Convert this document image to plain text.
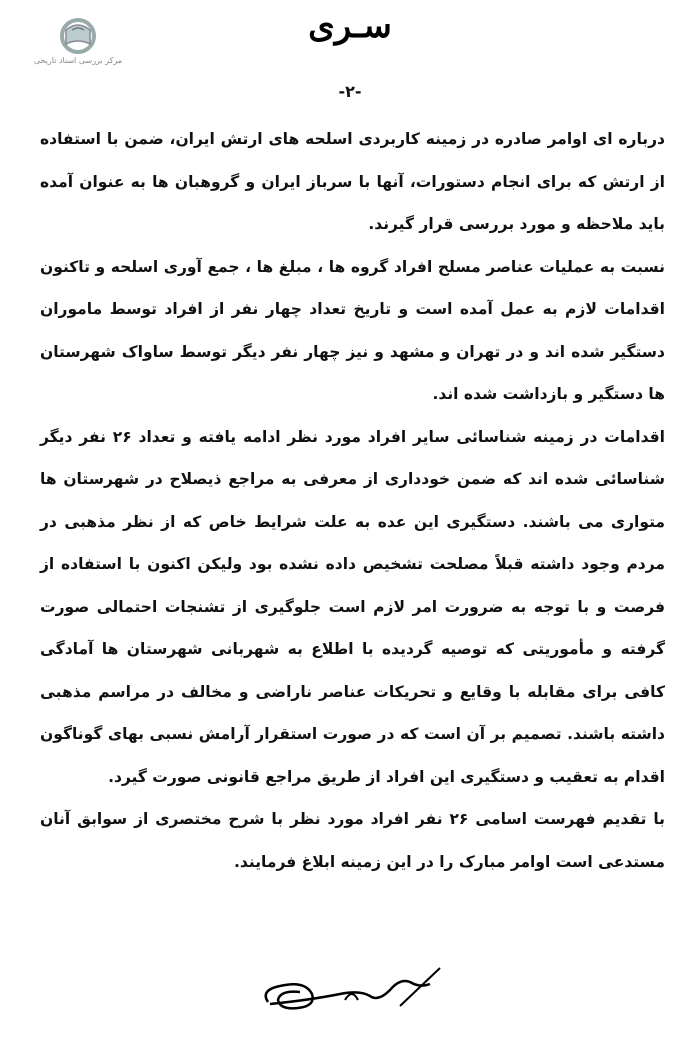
سـری
مرکز بررسی اسناد تاریخی
-۲-

درباره ای اوامر صادره در زمینه کاربردی اسلحه های ارتش ایران، ضمن با استفاده از ارتش که برای انجام دستورات، آنها با سرباز ایران و گروهبان ها به عنوان آمده باید ملاحظه و مورد بررسی قرار گیرند.

نسبت به عملیات عناصر مسلح افراد گروه ها ، مبلغ ها ، جمع آوری اسلحه و تاکنون اقدامات لازم به عمل آمده است و تاریخ تعداد چهار نفر از افراد توسط ماموران دستگیر شده اند و در تهران و مشهد و نیز چهار نفر دیگر توسط ساواک شهرستان ها دستگیر و بازداشت شده اند.

اقدامات در زمینه شناسائی سایر افراد مورد نظر ادامه یافته و تعداد ۲۶ نفر دیگر شناسائی شده اند که ضمن خودداری از معرفی به مراجع ذیصلاح در شهرستان ها متواری می باشند. دستگیری این عده به علت شرایط خاص که از نظر مذهبی در مردم وجود داشته قبلاً مصلحت تشخیص داده نشده بود ولیکن اکنون با استفاده از فرصت و با توجه به ضرورت امر لازم است جلوگیری از تشنجات احتمالی صورت گرفته و مأموریتی که توصیه گردیده با اطلاع به شهربانی شهرستان ها آمادگی کافی برای مقابله با وقایع و تحریکات عناصر ناراضی و مخالف در مراسم مذهبی داشته باشند. تصمیم بر آن است که در صورت استقرار آرامش نسبی بهای گوناگون اقدام به تعقیب و دستگیری این افراد از طریق مراجع قانونی صورت گیرد.

با تقدیم فهرست اسامی ۲۶ نفر افراد مورد نظر با شرح مختصری از سوابق آنان مستدعی است اوامر مبارک را در این زمینه ابلاغ فرمایند.
